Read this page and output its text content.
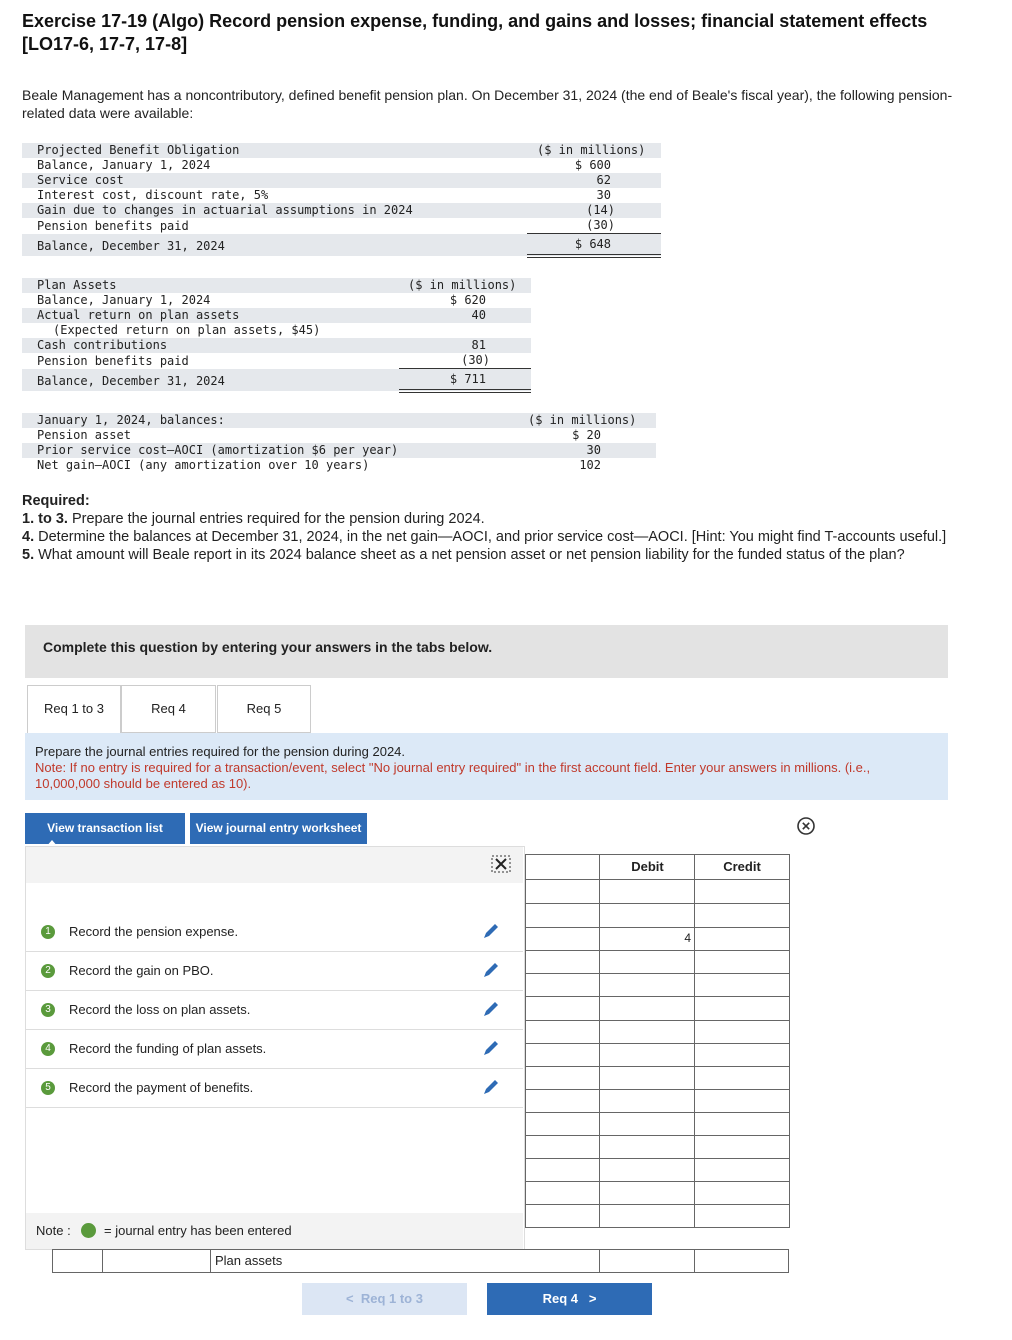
Exercise 17-19 (Algo) Record pension expense, funding, and gains and losses; financial statement effects [LO17-6, 17-7, 17-8]
Beale Management has a noncontributory, defined benefit pension plan. On December 31, 2024 (the end of Beale's fiscal year), the following pension-related data were available:
Projected Benefit Obligation	($ in millions)
Balance, January 1, 2024	$ 600
Service cost	62
Interest cost, discount rate, 5%	30
Gain due to changes in actuarial assumptions in 2024	(14)
Pension benefits paid	(30)
Balance, December 31, 2024	$ 648
Plan Assets	($ in millions)
Balance, January 1, 2024	$ 620
Actual return on plan assets	40
(Expected return on plan assets, $45)
Cash contributions	81
Pension benefits paid	(30)
Balance, December 31, 2024	$ 711
January 1, 2024, balances:	($ in millions)
Pension asset	$ 20
Prior service cost—AOCI (amortization $6 per year)	30
Net gain—AOCI (any amortization over 10 years)	102
Required:
1. to 3. Prepare the journal entries required for the pension during 2024.
4. Determine the balances at December 31, 2024, in the net gain—AOCI, and prior service cost—AOCI. [Hint: You might find T-accounts useful.]
5. What amount will Beale report in its 2024 balance sheet as a net pension asset or net pension liability for the funded status of the plan?
Complete this question by entering your answers in the tabs below.
Req 1 to 3	Req 4	Req 5
Prepare the journal entries required for the pension during 2024.
Note: If no entry is required for a transaction/event, select "No journal entry required" in the first account field. Enter your answers in millions. (i.e., 10,000,000 should be entered as 10).
View transaction list	View journal entry worksheet
1	Record the pension expense.
2	Record the gain on PBO.
3	Record the loss on plan assets.
4	Record the funding of plan assets.
5	Record the payment of benefits.
Note :	= journal entry has been entered
Debit	Credit
4
Plan assets
< Req 1 to 3	Req 4 >
